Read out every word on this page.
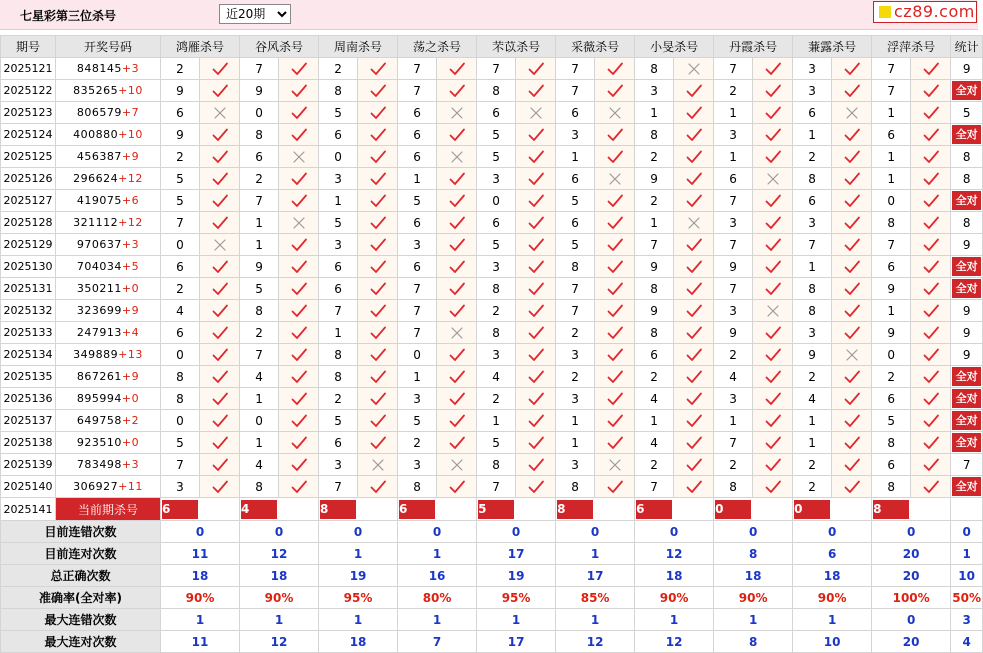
七星彩第三位杀号
近20期	cz89.com
期号	开奖号码	鸿雁杀号		谷风杀号		周南杀号		荡之杀号		芣苡杀号		采薇杀号		小旻杀号		丹霞杀号		蒹露杀号		浮萍杀号		统计
2025121	848145+3	2		7		2		7		7		7		8		7		3		7		9
2025122	835265+10	9		9		8		7		8		7		3		2		3		7		全对
2025123	806579+7	6		0		5		6		6		6		1		1		6		1		5
2025124	400880+10	9		8		6		6		5		3		8		3		1		6		全对
2025125	456387+9	2		6		0		6		5		1		2		1		2		1		8
2025126	296624+12	5		2		3		1		3		6		9		6		8		1		8
2025127	419075+6	5		7		1		5		0		5		2		7		6		0		全对
2025128	321112+12	7		1		5		6		6		6		1		3		3		8		8
2025129	970637+3	0		1		3		3		5		5		7		7		7		7		9
2025130	704034+5	6		9		6		6		3		8		9		9		1		6		全对
2025131	350211+0	2		5		6		7		8		7		8		7		8		9		全对
2025132	323699+9	4		8		7		7		2		7		9		3		8		1		9
2025133	247913+4	6		2		1		7		8		2		8		9		3		9		9
2025134	349889+13	0		7		8		0		3		3		6		2		9		0		9
2025135	867261+9	8		4		8		1		4		2		2		4		2		2		全对
2025136	895994+0	8		1		2		3		2		3		4		3		4		6		全对
2025137	649758+2	0		0		5		5		1		1		1		1		1		5		全对
2025138	923510+0	5		1		6		2		5		1		4		7		1		8		全对
2025139	783498+3	7		4		3		3		8		3		2		2		2		6		7
2025140	306927+11	3		8		7		8		7		8		7		8		2		8		全对
2025141	当前期杀号	6		4		8		6		5		8		6		0		0		8		

目前连错次数		0		0		0		0		0		0		0		0		0		0		0
目前连对次数		11		12		1		1		17		1		12		8		6		20		1
总正确次数		18		18		19		16		19		17		18		18		18		20		10
准确率(全对率)		90%		90%		95%		80%		95%		85%		90%		90%		90%		100%		50%
最大连错次数		1		1		1		1		1		1		1		1		1		0		3
最大连对次数		11		12		18		7		17		12		12		8		10		20		4
